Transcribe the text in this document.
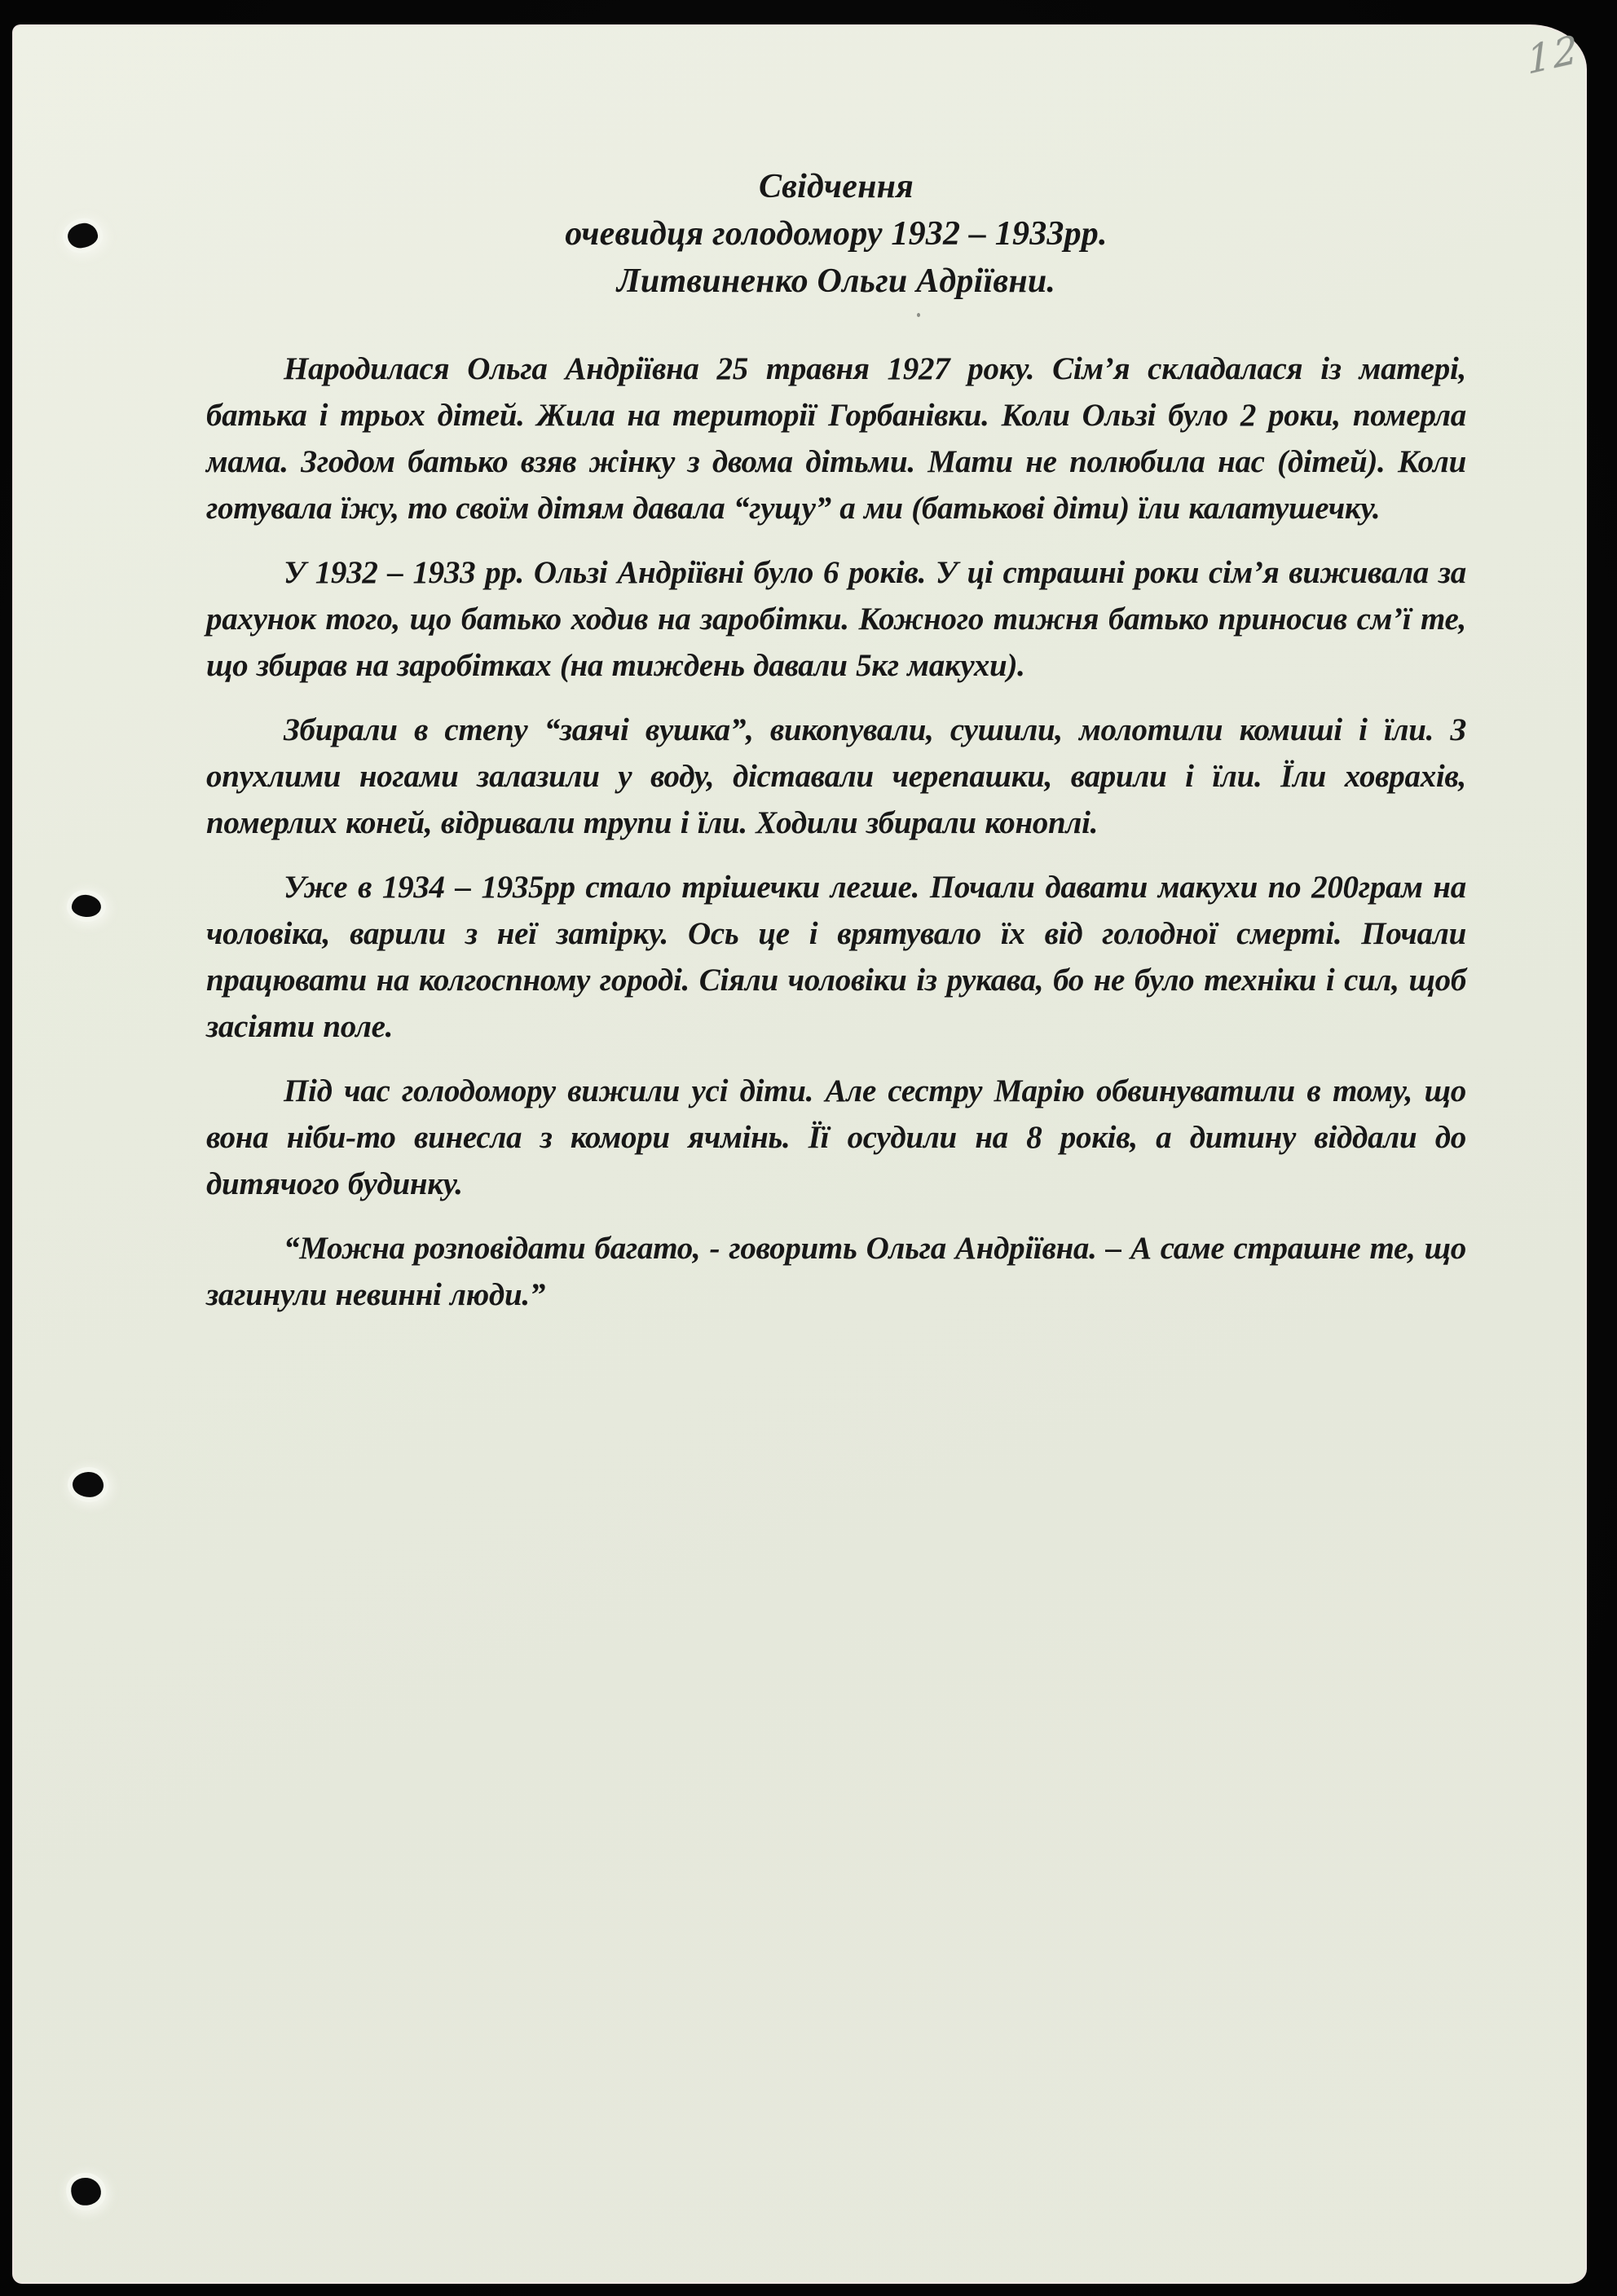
12
Свідчення
очевидця голодомору 1932 – 1933рр.
Литвиненко Ольги Адріївни.

Народилася Ольга Андріївна 25 травня 1927 року. Сім’я складалася із матері, батька і трьох дітей. Жила на території Горбанівки. Коли Ользі було 2 роки, померла мама. Згодом батько взяв жінку з двома дітьми. Мати не полюбила нас (дітей). Коли готувала їжу, то своїм дітям давала “гущу” а ми (батькові діти) їли калатушечку.

У 1932 – 1933 рр. Ользі Андріївні було 6 років. У ці страшні роки сім’я виживала за рахунок того, що батько ходив на заробітки. Кожного тижня батько приносив см’ї те, що збирав на заробітках (на тиждень давали 5кг макухи).

Збирали в степу “заячі вушка”, викопували, сушили, молотили комиші і їли. З опухлими ногами залазили у воду, діставали черепашки, варили і їли. Їли ховрахів, померлих коней, відривали трупи і їли. Ходили збирали коноплі.

Уже в 1934 – 1935рр стало трішечки легше. Почали давати макухи по 200грам на чоловіка, варили з неї затірку. Ось це і врятувало їх від голодної смерті. Почали працювати на колгоспному городі. Сіяли чоловіки із рукава, бо не було техніки і сил, щоб засіяти поле.

Під час голодомору вижили усі діти. Але сестру Марію обвинуватили в тому, що вона ніби-то винесла з комори ячмінь. Її осудили на 8 років, а дитину віддали до дитячого будинку.

“Можна розповідати багато, - говорить Ольга Андріївна. – А саме страшне те, що загинули невинні люди.”
